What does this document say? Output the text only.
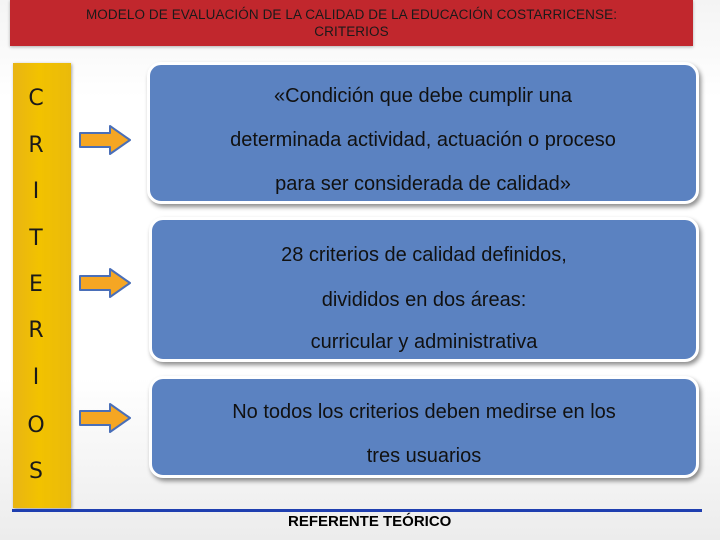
MODELO DE EVALUACIÓN DE LA CALIDAD DE LA EDUCACIÓN COSTARRICENSE:
CRITERIOS
C
R
I
T
E
R
I
O
S
«Condición que debe cumplir una
determinada actividad, actuación o proceso
para ser considerada de calidad»
28 criterios de calidad definidos,
divididos en dos áreas:
curricular y administrativa
No todos los criterios deben medirse en los
tres usuarios
REFERENTE TEÓRICO
